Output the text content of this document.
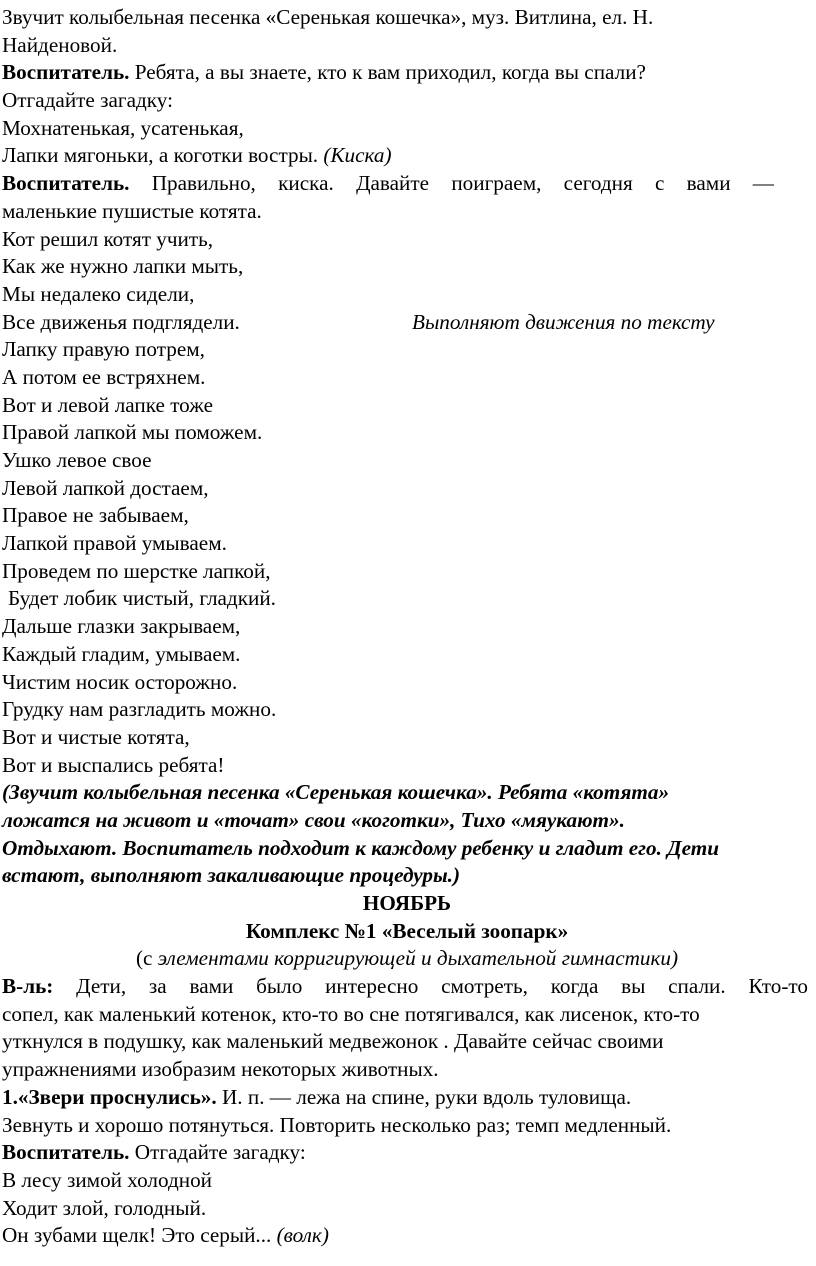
Звучит колыбельная песенка «Серенькая кошечка», муз. Витлина, ел. Н.
Найденовой.
Воспитатель. Ребята, а вы знаете, кто к вам приходил, когда вы спали?
Отгадайте загадку:
Мохнатенькая, усатенькая,
Лапки мягоньки, а коготки востры. (Киска)
Воспитатель. Правильно, киска. Давайте поиграем, сегодня с вами —
маленькие пушистые котята.
Кот решил котят учить,
Как же нужно лапки мыть,
Мы недалеко сидели,
Все движенья подглядели.	Выполняют движения по тексту
Лапку правую потрем,
А потом ее встряхнем.
Вот и левой лапке тоже
Правой лапкой мы поможем.
Ушко левое свое
Левой лапкой достаем,
Правое не забываем,
Лапкой правой умываем.
Проведем по шерстке лапкой,
Будет лобик чистый, гладкий.
Дальше глазки закрываем,
Каждый гладим, умываем.
Чистим носик осторожно.
Грудку нам разгладить можно.
Вот и чистые котята,
Вот и выспались ребята!
(Звучит колыбельная песенка «Серенькая кошечка». Ребята «котята»
ложатся на живот и «точат» свои «коготки», Тихо «мяукают».
Отдыхают. Воспитатель подходит к каждому ребенку и гладит его. Дети
встают, выполняют закаливающие процедуры.)
НОЯБРЬ
Комплекс №1 «Веселый зоопарк»
(с элементами корригирующей и дыхательной гимнастики)
В-ль: Дети, за вами было интересно смотреть, когда вы спали. Кто-то
сопел, как маленький котенок, кто-то во сне потягивался, как лисенок, кто-то
уткнулся в подушку, как маленький медвежонок . Давайте сейчас своими
упражнениями изобразим некоторых животных.
1.«Звери проснулись». И. п. — лежа на спине, руки вдоль туловища.
Зевнуть и хорошо потянуться. Повторить несколько раз; темп медленный.
Воспитатель. Отгадайте загадку:
В лесу зимой холодной
Ходит злой, голодный.
Он зубами щелк! Это серый... (волк)
